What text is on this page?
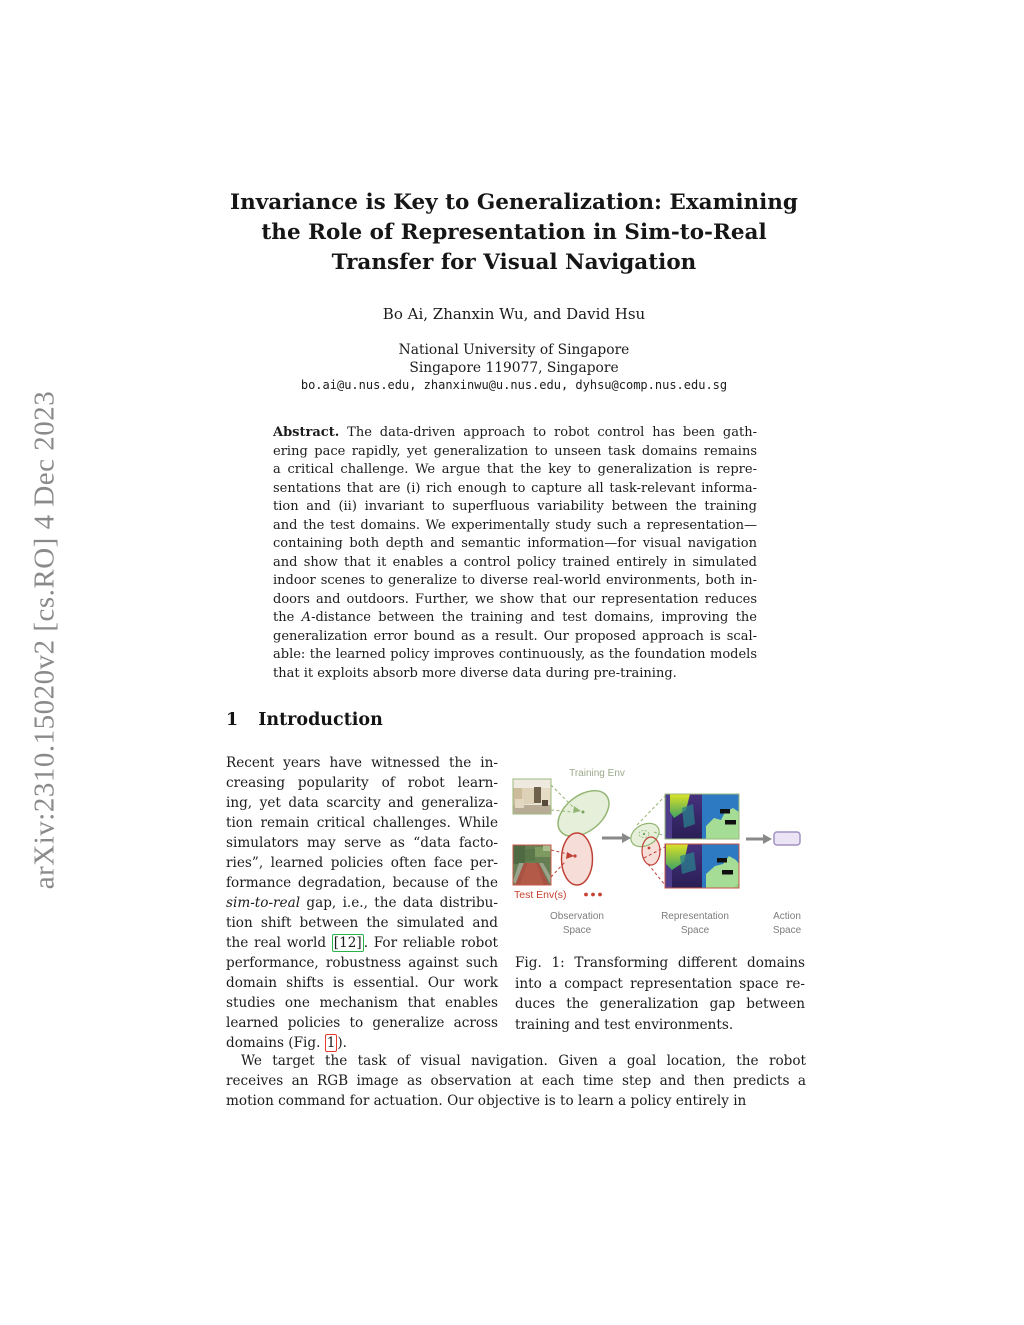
arXiv:2310.15020v2 [cs.RO] 4 Dec 2023
Invariance is Key to Generalization: Examining
the Role of Representation in Sim-to-Real
Transfer for Visual Navigation
Bo Ai, Zhanxin Wu, and David Hsu
National University of Singapore
Singapore 119077, Singapore
bo.ai@u.nus.edu, zhanxinwu@u.nus.edu, dyhsu@comp.nus.edu.sg
Abstract. The data-driven approach to robot control has been gath-
ering pace rapidly, yet generalization to unseen task domains remains
a critical challenge. We argue that the key to generalization is repre-
sentations that are (i) rich enough to capture all task-relevant informa-
tion and (ii) invariant to superfluous variability between the training
and the test domains. We experimentally study such a representation—
containing both depth and semantic information—for visual navigation
and show that it enables a control policy trained entirely in simulated
indoor scenes to generalize to diverse real-world environments, both in-
doors and outdoors. Further, we show that our representation reduces
the A-distance between the training and test domains, improving the
generalization error bound as a result. Our proposed approach is scal-
able: the learned policy improves continuously, as the foundation models
that it exploits absorb more diverse data during pre-training.
1 Introduction
Recent years have witnessed the in-
creasing popularity of robot learn-
ing, yet data scarcity and generaliza-
tion remain critical challenges. While
simulators may serve as “data facto-
ries”, learned policies often face per-
formance degradation, because of the
sim-to-real gap, i.e., the data distribu-
tion shift between the simulated and
the real world [12] . For reliable robot
performance, robustness against such
domain shifts is essential. Our work
studies one mechanism that enables
learned policies to generalize across
domains (Fig. 1 ).
Training Env
Test Env(s)
Observation
Space
Representation
Space
Action
Space
Fig. 1: Transforming different domains
into a compact representation space re-
duces the generalization gap between
training and test environments.
We target the task of visual navigation. Given a goal location, the robot
receives an RGB image as observation at each time step and then predicts a
motion command for actuation. Our objective is to learn a policy entirely in
